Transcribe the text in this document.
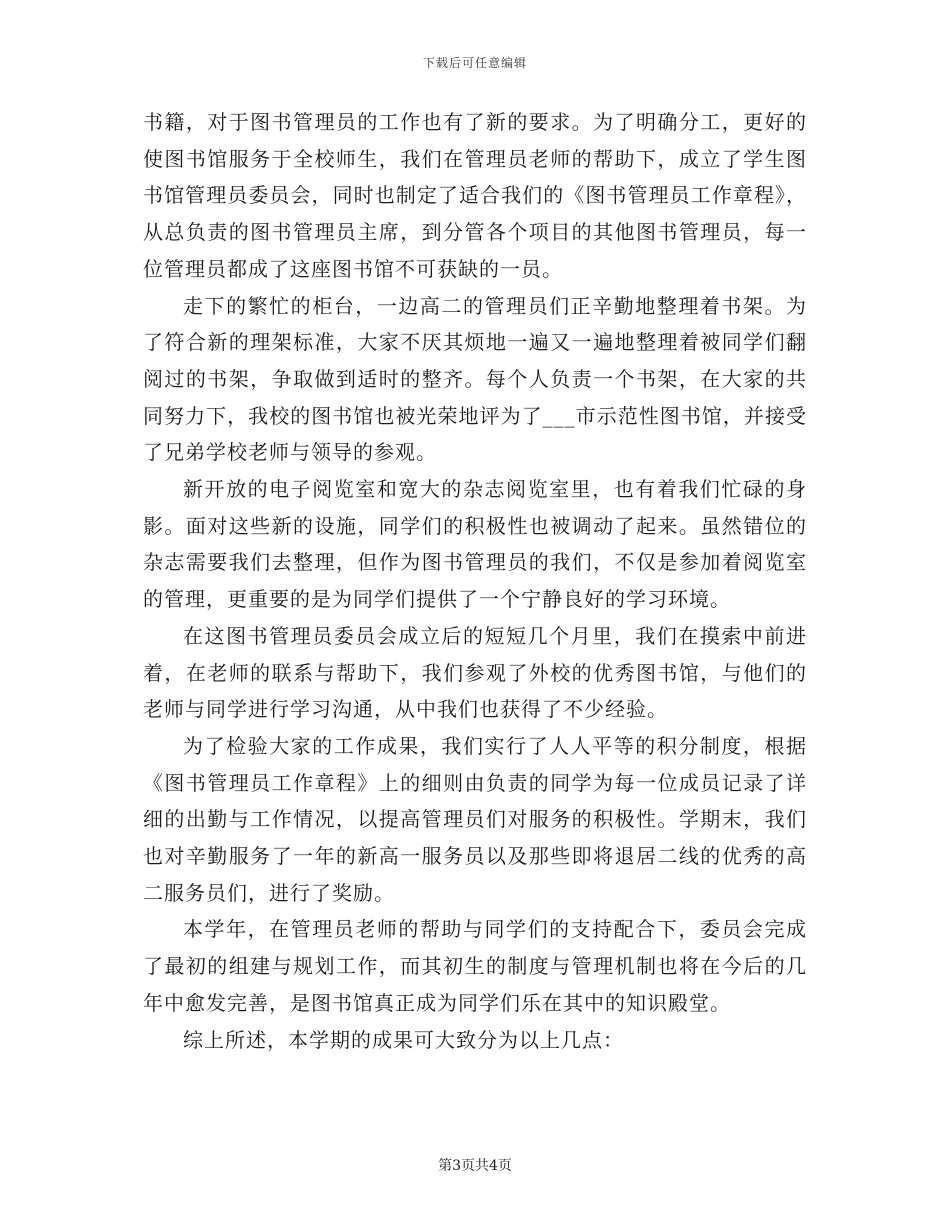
下载后可任意编辑

书籍，对于图书管理员的工作也有了新的要求。为了明确分工，更好的使图书馆服务于全校师生，我们在管理员老师的帮助下，成立了学生图书馆管理员委员会，同时也制定了适合我们的《图书管理员工作章程》，从总负责的图书管理员主席，到分管各个项目的其他图书管理员，每一位管理员都成了这座图书馆不可获缺的一员。

走下的繁忙的柜台，一边高二的管理员们正辛勤地整理着书架。为了符合新的理架标准，大家不厌其烦地一遍又一遍地整理着被同学们翻阅过的书架，争取做到适时的整齐。每个人负责一个书架，在大家的共同努力下，我校的图书馆也被光荣地评为了___市示范性图书馆，并接受了兄弟学校老师与领导的参观。

新开放的电子阅览室和宽大的杂志阅览室里，也有着我们忙碌的身影。面对这些新的设施，同学们的积极性也被调动了起来。虽然错位的杂志需要我们去整理，但作为图书管理员的我们，不仅是参加着阅览室的管理，更重要的是为同学们提供了一个宁静良好的学习环境。

在这图书管理员委员会成立后的短短几个月里，我们在摸索中前进着，在老师的联系与帮助下，我们参观了外校的优秀图书馆，与他们的老师与同学进行学习沟通，从中我们也获得了不少经验。

为了检验大家的工作成果，我们实行了人人平等的积分制度，根据《图书管理员工作章程》上的细则由负责的同学为每一位成员记录了详细的出勤与工作情况，以提高管理员们对服务的积极性。学期末，我们也对辛勤服务了一年的新高一服务员以及那些即将退居二线的优秀的高二服务员们，进行了奖励。

本学年，在管理员老师的帮助与同学们的支持配合下，委员会完成了最初的组建与规划工作，而其初生的制度与管理机制也将在今后的几年中愈发完善，是图书馆真正成为同学们乐在其中的知识殿堂。

综上所述，本学期的成果可大致分为以上几点：

第3页共4页
